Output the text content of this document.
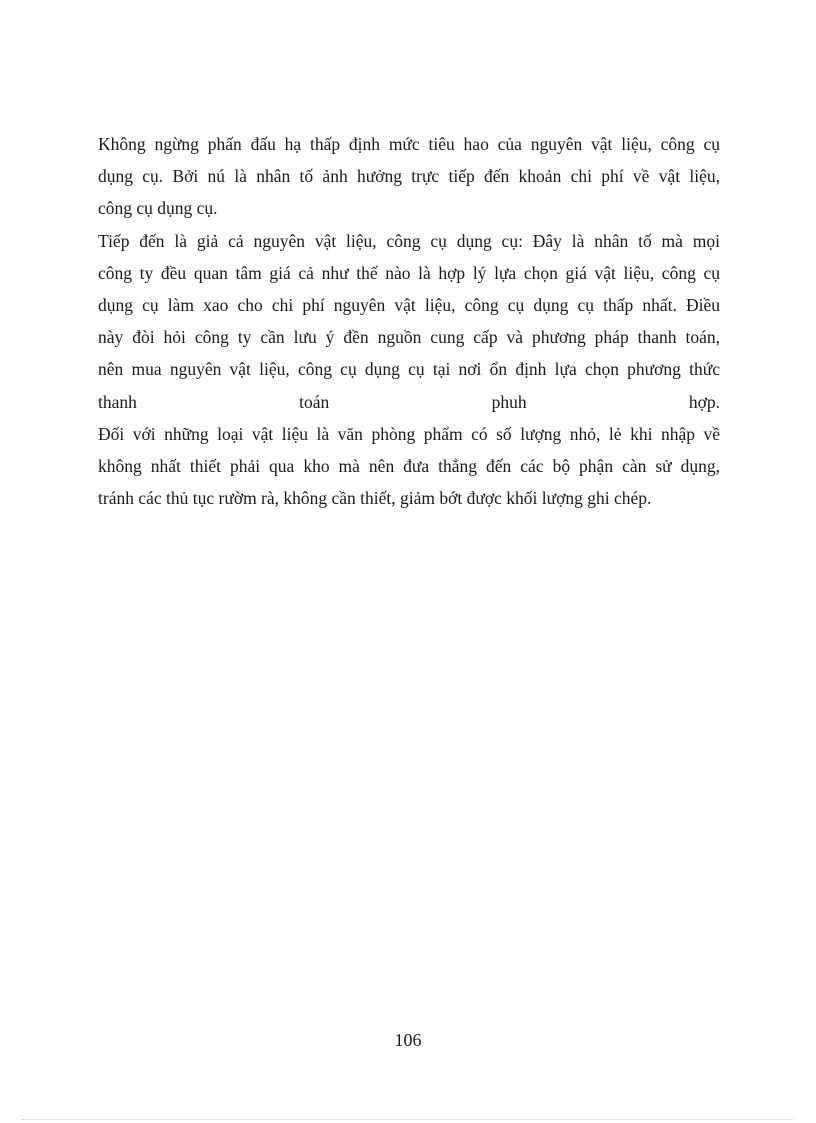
Không ngừng phấn đấu hạ thấp định mức tiêu hao của nguyên vật liệu, công cụ
dụng cụ. Bởi nú là nhân tố ảnh hưởng trực tiếp đến khoản chi phí về vật liệu,
công cụ dụng cụ.
Tiếp đến là giả cả nguyên vật liệu, công cụ dụng cụ: Đây là nhân tố mà mọi
công ty đều quan tâm giá cả như thế nào là hợp lý lựa chọn giá vật liệu, công cụ
dụng cụ làm xao cho chi phí nguyên vật liệu, công cụ dụng cụ thấp nhất. Điều
này đòi hỏi công ty cần lưu ý đền nguồn cung cấp và phương pháp thanh toán,
nên mua nguyên vật liệu, công cụ dụng cụ tại nơi ổn định lựa chọn phương thức
thanh toán phuh hợp.
Đối với những loại vật liệu là văn phòng phẩm có số lượng nhỏ, lẻ khi nhập về
không nhất thiết phải qua kho mà nên đưa thẳng đến các bộ phận càn sử dụng,
tránh các thủ tục rườm rà, không cần thiết, giảm bớt được khối lượng ghi chép.
106
